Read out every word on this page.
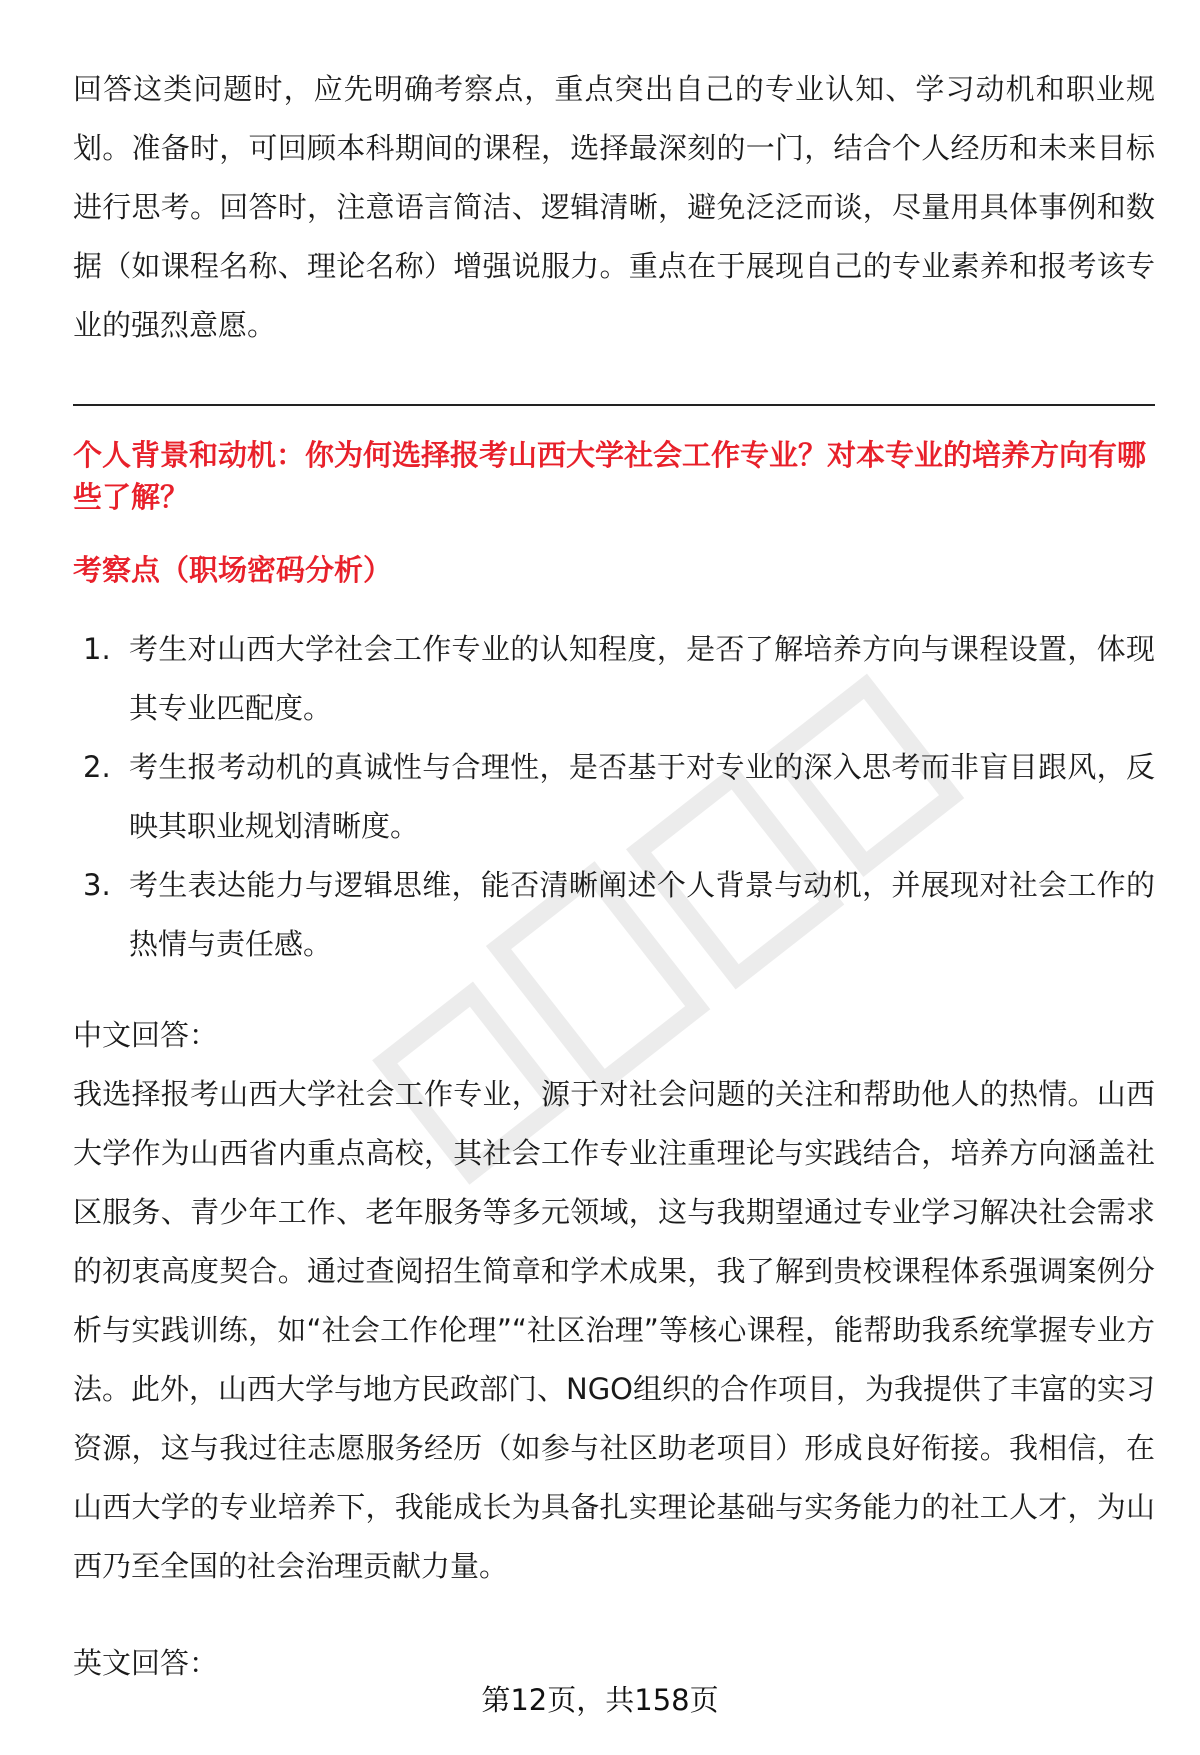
回答这类问题时，应先明确考察点，重点突出自己的专业认知、学习动机和职业规划。准备时，可回顾本科期间的课程，选择最深刻的一门，结合个人经历和未来目标进行思考。回答时，注意语言简洁、逻辑清晰，避免泛泛而谈，尽量用具体事例和数据（如课程名称、理论名称）增强说服力。重点在于展现自己的专业素养和报考该专业的强烈意愿。

个人背景和动机：你为何选择报考山西大学社会工作专业？对本专业的培养方向有哪些了解？

考察点（职场密码分析）

1. 考生对山西大学社会工作专业的认知程度，是否了解培养方向与课程设置，体现其专业匹配度。
2. 考生报考动机的真诚性与合理性，是否基于对专业的深入思考而非盲目跟风，反映其职业规划清晰度。
3. 考生表达能力与逻辑思维，能否清晰阐述个人背景与动机，并展现对社会工作的热情与责任感。

中文回答：

我选择报考山西大学社会工作专业，源于对社会问题的关注和帮助他人的热情。山西大学作为山西省内重点高校，其社会工作专业注重理论与实践结合，培养方向涵盖社区服务、青少年工作、老年服务等多元领域，这与我期望通过专业学习解决社会需求的初衷高度契合。通过查阅招生简章和学术成果，我了解到贵校课程体系强调案例分析与实践训练，如“社会工作伦理”“社区治理”等核心课程，能帮助我系统掌握专业方法。此外，山西大学与地方民政部门、NGO组织的合作项目，为我提供了丰富的实习资源，这与我过往志愿服务经历（如参与社区助老项目）形成良好衔接。我相信，在山西大学的专业培养下，我能成长为具备扎实理论基础与实务能力的社工人才，为山西乃至全国的社会治理贡献力量。

英文回答：

第12页，共158页
